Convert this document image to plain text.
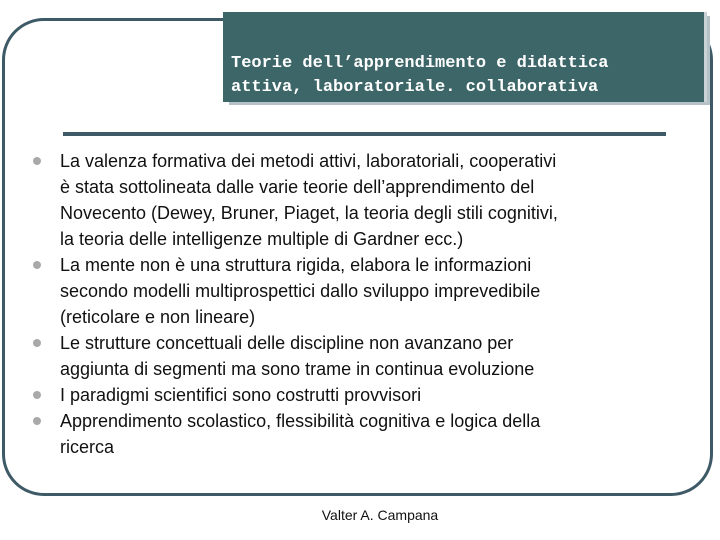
Teorie dell’apprendimento e didattica
attiva, laboratoriale. collaborativa
La valenza formativa dei metodi attivi, laboratoriali, cooperativi
è stata sottolineata dalle varie teorie dell’apprendimento del
Novecento (Dewey, Bruner, Piaget, la teoria degli stili cognitivi,
la teoria delle intelligenze multiple di Gardner ecc.)
La mente non è una struttura rigida, elabora le informazioni
secondo modelli multiprospettici dallo sviluppo imprevedibile
(reticolare e non lineare)
Le strutture concettuali delle discipline non avanzano per
aggiunta di segmenti ma sono trame in continua evoluzione
I paradigmi scientifici sono costrutti provvisori
Apprendimento scolastico, flessibilità cognitiva e logica della
ricerca
Valter A. Campana
